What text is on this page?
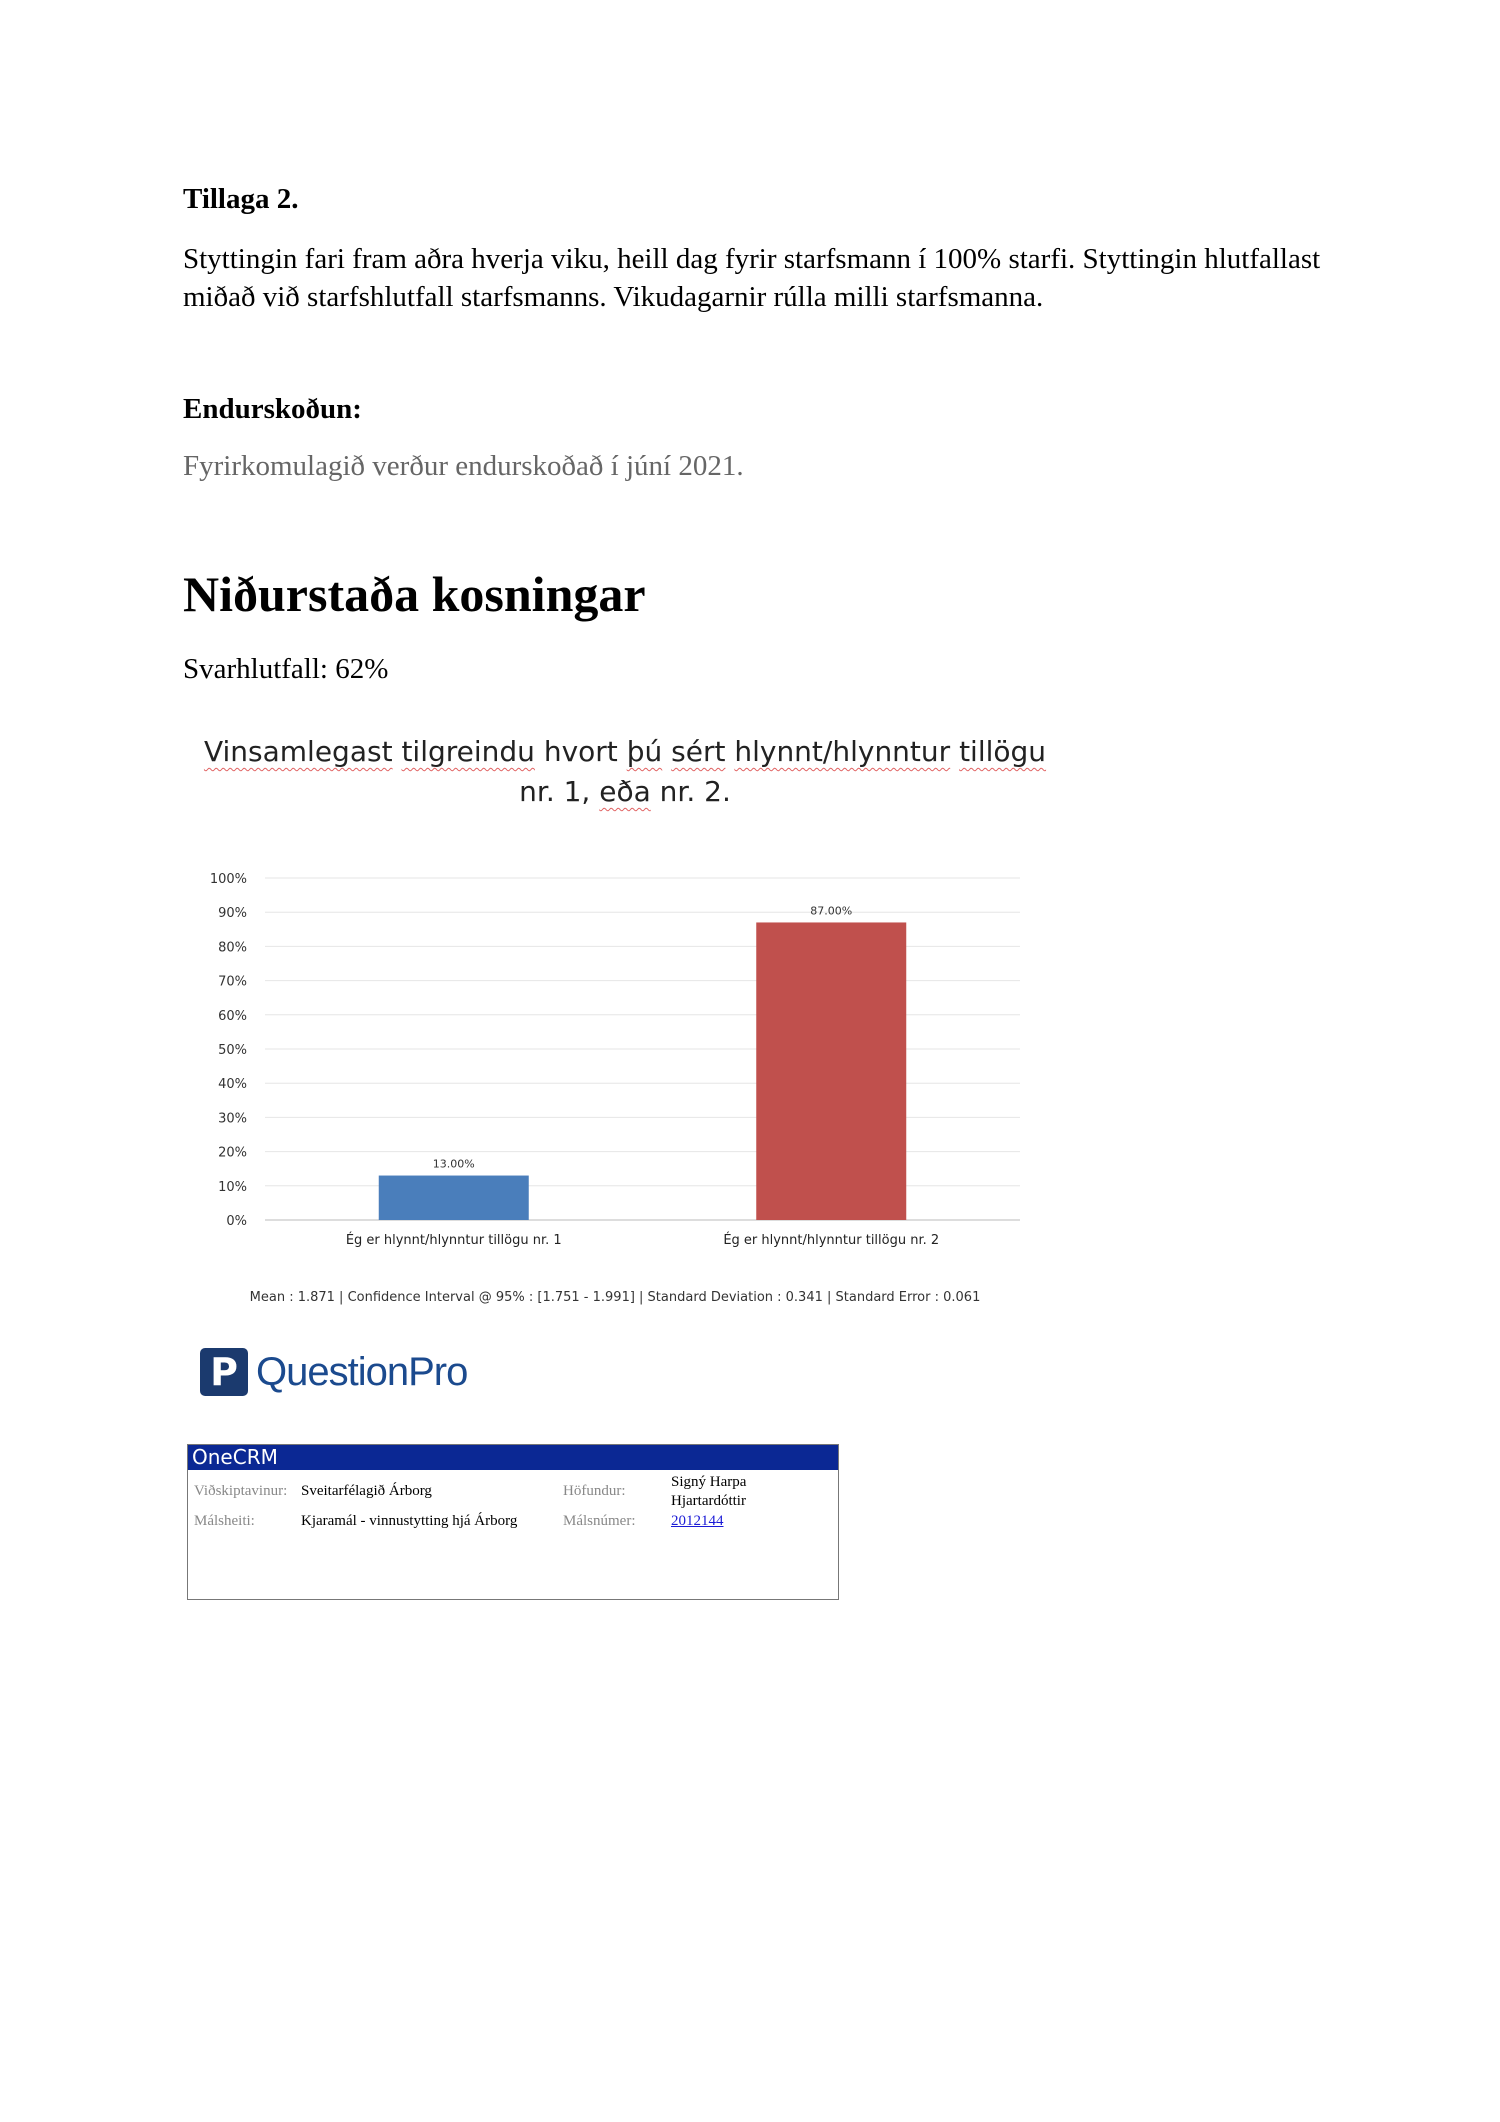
Tillaga 2.
Styttingin fari fram aðra hverja viku, heill dag fyrir starfsmann í 100% starfi. Styttingin hlutfallast miðað við starfshlutfall starfsmanns. Vikudagarnir rúlla milli starfsmanna.
Endurskoðun:
Fyrirkomulagið verður endurskoðað í júní 2021.
Niðurstaða kosningar
Svarhlutfall: 62%
Vinsamlegast tilgreindu hvort þú sért hlynnt/hlynntur tillögu
nr. 1, eða nr. 2.
0%
10%
20%
30%
40%
50%
60%
70%
80%
90%
100%
13.00%
Ég er hlynnt/hlynntur tillögu nr. 1
87.00%
Ég er hlynnt/hlynntur tillögu nr. 2
Mean : 1.871 | Confidence Interval @ 95% : [1.751 - 1.991] | Standard Deviation : 0.341 | Standard Error : 0.061
P QuestionPro
OneCRM
Viðskiptavinur: Sveitarfélagið Árborg	Höfundur:
Signý Harpa
Hjartardóttir
Málsheiti:	Kjaramál - vinnustytting hjá Árborg	Málsnúmer: 2012144
